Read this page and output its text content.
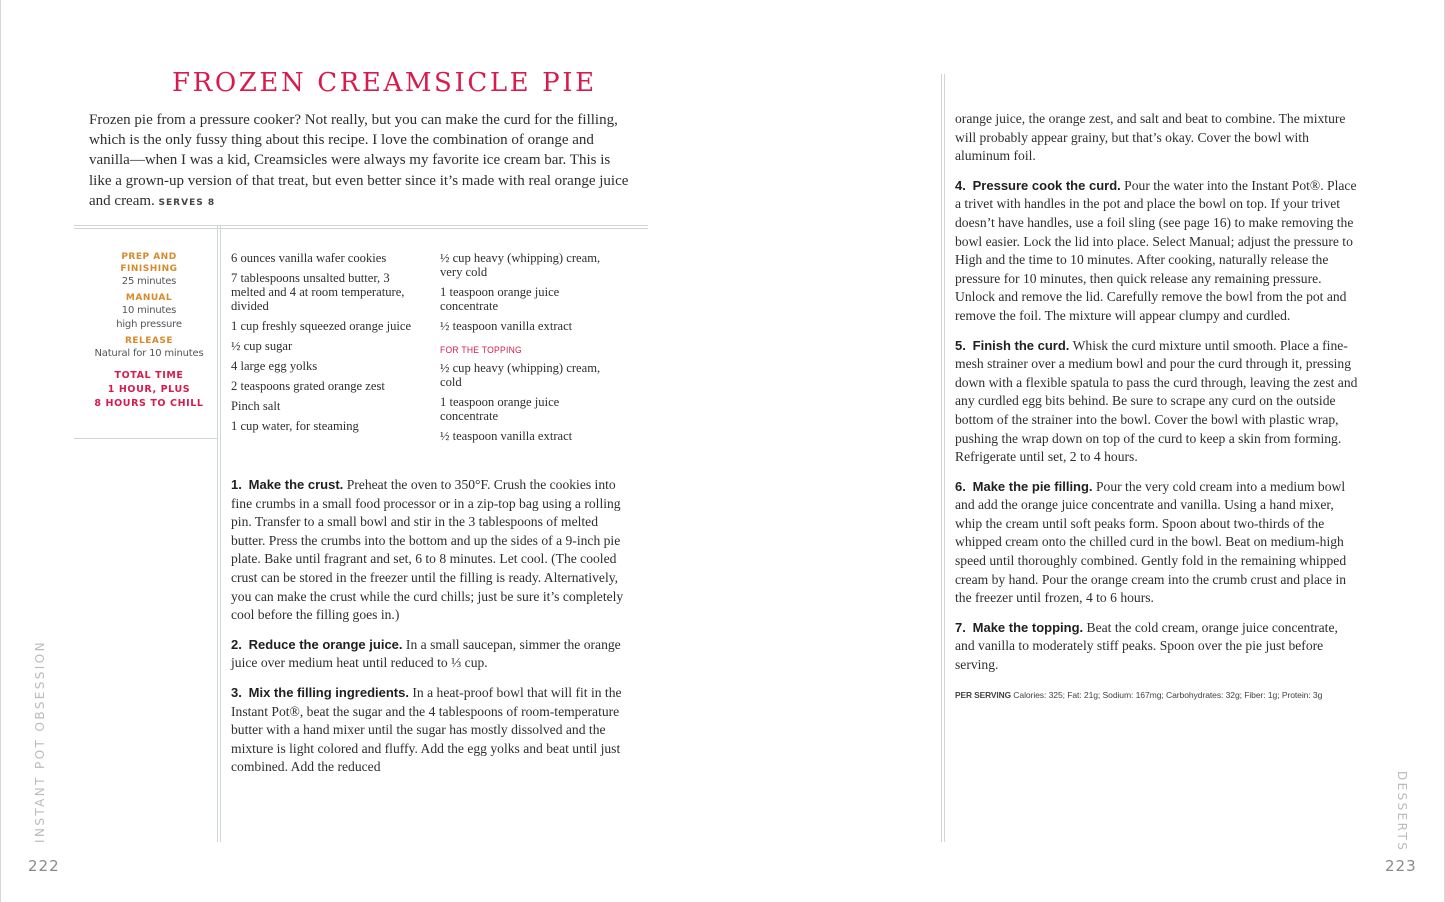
FROZEN CREAMSICLE PIE

Frozen pie from a pressure cooker? Not really, but you can make the curd for the filling, which is the only fussy thing about this recipe. I love the combination of orange and vanilla—when I was a kid, Creamsicles were always my favorite ice cream bar. This is like a grown-up version of that treat, but even better since it’s made with real orange juice and cream. SERVES 8

PREP AND
FINISHING
25 minutes
MANUAL
10 minutes
high pressure
RELEASE
Natural for 10 minutes
TOTAL TIME
1 HOUR, PLUS
8 HOURS TO CHILL
6 ounces vanilla wafer cookies
7 tablespoons unsalted butter, 3 melted and 4 at room temperature, divided
1 cup freshly squeezed orange juice
½ cup sugar
4 large egg yolks
2 teaspoons grated orange zest
Pinch salt
1 cup water, for steaming
½ cup heavy (whipping) cream, very cold
1 teaspoon orange juice concentrate
½ teaspoon vanilla extract
FOR THE TOPPING
½ cup heavy (whipping) cream, cold
1 teaspoon orange juice concentrate
½ teaspoon vanilla extract

1. Make the crust. Preheat the oven to 350°F. Crush the cookies into fine crumbs in a small food processor or in a zip-top bag using a rolling pin. Transfer to a small bowl and stir in the 3 tablespoons of melted butter. Press the crumbs into the bottom and up the sides of a 9-inch pie plate. Bake until fragrant and set, 6 to 8 minutes. Let cool. (The cooled crust can be stored in the freezer until the filling is ready. Alternatively, you can make the crust while the curd chills; just be sure it’s completely cool before the filling goes in.)

2. Reduce the orange juice. In a small saucepan, simmer the orange juice over medium heat until reduced to ⅓ cup.

3. Mix the filling ingredients. In a heat-proof bowl that will fit in the Instant Pot®, beat the sugar and the 4 tablespoons of room-temperature butter with a hand mixer until the sugar has mostly dissolved and the mixture is light colored and fluffy. Add the egg yolks and beat until just combined. Add the reduced

INSTANT POT OBSESSION
222

orange juice, the orange zest, and salt and beat to combine. The mixture will probably appear grainy, but that’s okay. Cover the bowl with aluminum foil.

4. Pressure cook the curd. Pour the water into the Instant Pot®. Place a trivet with handles in the pot and place the bowl on top. If your trivet doesn’t have handles, use a foil sling (see page 16) to make removing the bowl easier. Lock the lid into place. Select Manual; adjust the pressure to High and the time to 10 minutes. After cooking, naturally release the pressure for 10 minutes, then quick release any remaining pressure. Unlock and remove the lid. Carefully remove the bowl from the pot and remove the foil. The mixture will appear clumpy and curdled.

5. Finish the curd. Whisk the curd mixture until smooth. Place a fine-mesh strainer over a medium bowl and pour the curd through it, pressing down with a flexible spatula to pass the curd through, leaving the zest and any curdled egg bits behind. Be sure to scrape any curd on the outside bottom of the strainer into the bowl. Cover the bowl with plastic wrap, pushing the wrap down on top of the curd to keep a skin from forming. Refrigerate until set, 2 to 4 hours.

6. Make the pie filling. Pour the very cold cream into a medium bowl and add the orange juice concentrate and vanilla. Using a hand mixer, whip the cream until soft peaks form. Spoon about two-thirds of the whipped cream onto the chilled curd in the bowl. Beat on medium-high speed until thoroughly combined. Gently fold in the remaining whipped cream by hand. Pour the orange cream into the crumb crust and place in the freezer until frozen, 4 to 6 hours.

7. Make the topping. Beat the cold cream, orange juice concentrate, and vanilla to moderately stiff peaks. Spoon over the pie just before serving.

PER SERVING Calories: 325; Fat: 21g; Sodium: 167mg; Carbohydrates: 32g; Fiber: 1g; Protein: 3g
DESSERTS
223
